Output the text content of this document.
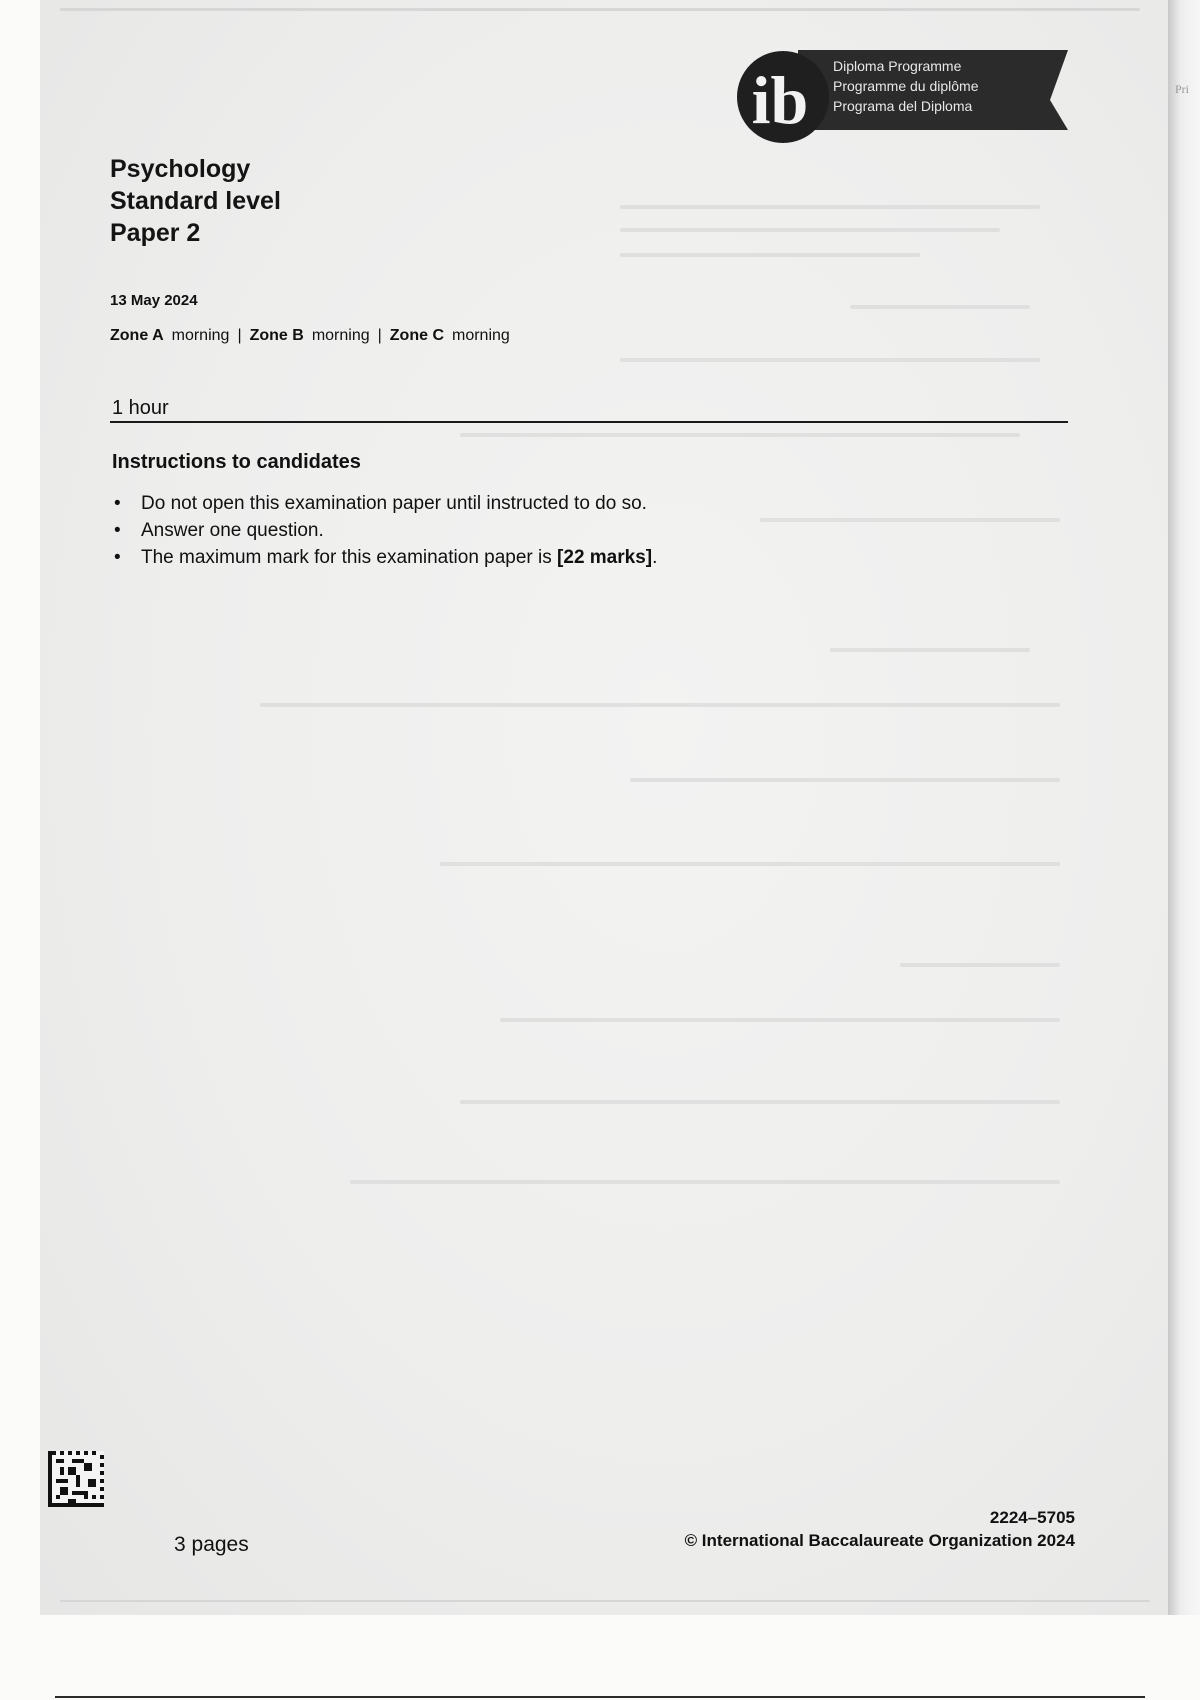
Pri
ib Diploma Programme
Programme du diplôme
Programa del Diploma
Psychology
Standard level
Paper 2
13 May 2024
Zone A morning | Zone B morning | Zone C morning
1 hour
Instructions to candidates
• Do not open this examination paper until instructed to do so.
• Answer one question.
• The maximum mark for this examination paper is [22 marks].
3 pages
2224–5705
© International Baccalaureate Organization 2024
